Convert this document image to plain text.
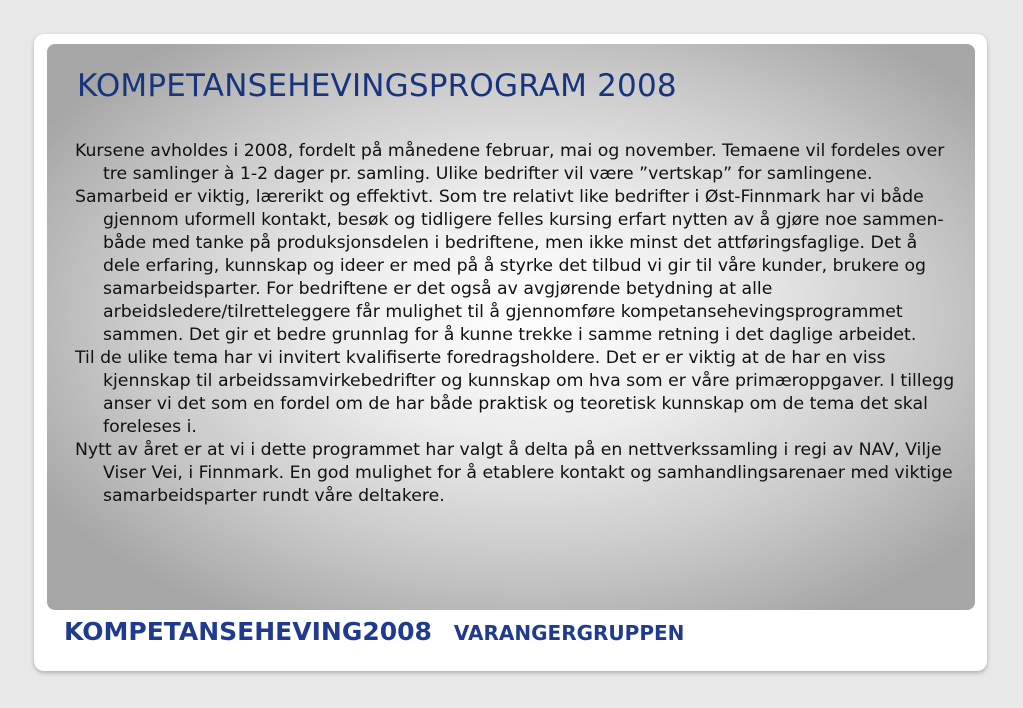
KOMPETANSEHEVINGSPROGRAM 2008

Kursene avholdes i 2008, fordelt på månedene februar, mai og november. Temaene vil fordeles over tre samlinger à 1-2 dager pr. samling. Ulike bedrifter vil være ”vertskap” for samlingene.

Samarbeid er viktig, lærerikt og effektivt. Som tre relativt like bedrifter i Øst-Finnmark har vi både gjennom uformell kontakt, besøk og tidligere felles kursing erfart nytten av å gjøre noe sammen- både med tanke på produksjonsdelen i bedriftene, men ikke minst det attføringsfaglige. Det å dele erfaring, kunnskap og ideer er med på å styrke det tilbud vi gir til våre kunder, brukere og samarbeidsparter. For bedriftene er det også av avgjørende betydning at alle arbeidsledere/tilretteleggere får mulighet til å gjennomføre kompetansehevingsprogrammet sammen. Det gir et bedre grunnlag for å kunne trekke i samme retning i det daglige arbeidet.

Til de ulike tema har vi invitert kvalifiserte foredragsholdere. Det er er viktig at de har en viss kjennskap til arbeidssamvirkebedrifter og kunnskap om hva som er våre primæroppgaver. I tillegg anser vi det som en fordel om de har både praktisk og teoretisk kunnskap om de tema det skal foreleses i.

Nytt av året er at vi i dette programmet har valgt å delta på en nettverkssamling i regi av NAV, Vilje Viser Vei, i Finnmark. En god mulighet for å etablere kontakt og samhandlingsarenaer med viktige samarbeidsparter rundt våre deltakere.

KOMPETANSEHEVING2008 VARANGERGRUPPEN
